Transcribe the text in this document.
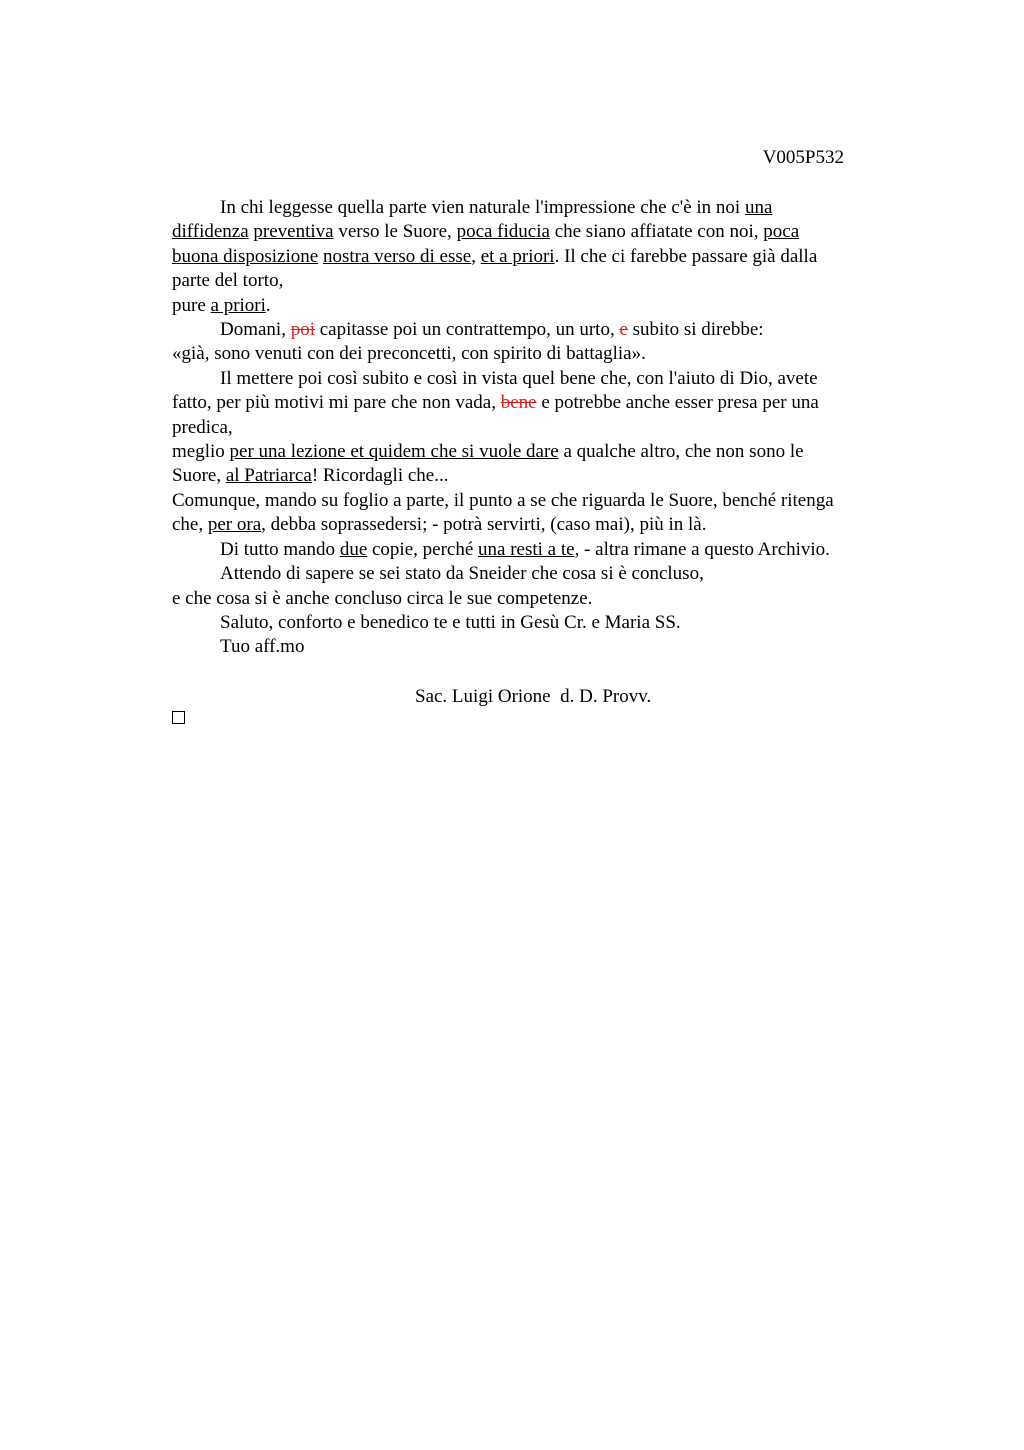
V005P532
In chi leggesse quella parte vien naturale l'impressione che c'è in noi una
diffidenza preventiva verso le Suore, poca fiducia che siano affiatate con noi, poca
buona disposizione nostra verso di esse, et a priori. Il che ci farebbe passare già dalla
parte del torto,
pure a priori.
Domani, poi capitasse poi un contrattempo, un urto, e subito si direbbe:
«già, sono venuti con dei preconcetti, con spirito di battaglia».
Il mettere poi così subito e così in vista quel bene che, con l'aiuto di Dio, avete
fatto, per più motivi mi pare che non vada, bene e potrebbe anche esser presa per una
predica,
meglio per una lezione et quidem che si vuole dare a qualche altro, che non sono le
Suore, al Patriarca! Ricordagli che...
Comunque, mando su foglio a parte, il punto a se che riguarda le Suore, benché ritenga
che, per ora, debba soprassedersi; - potrà servirti, (caso mai), più in là.
Di tutto mando due copie, perché una resti a te, - altra rimane a questo Archivio.
Attendo di sapere se sei stato da Sneider che cosa si è concluso,
e che cosa si è anche concluso circa le sue competenze.
Saluto, conforto e benedico te e tutti in Gesù Cr. e Maria SS.
Tuo aff.mo
Sac. Luigi Orione  d. D. Provv.
